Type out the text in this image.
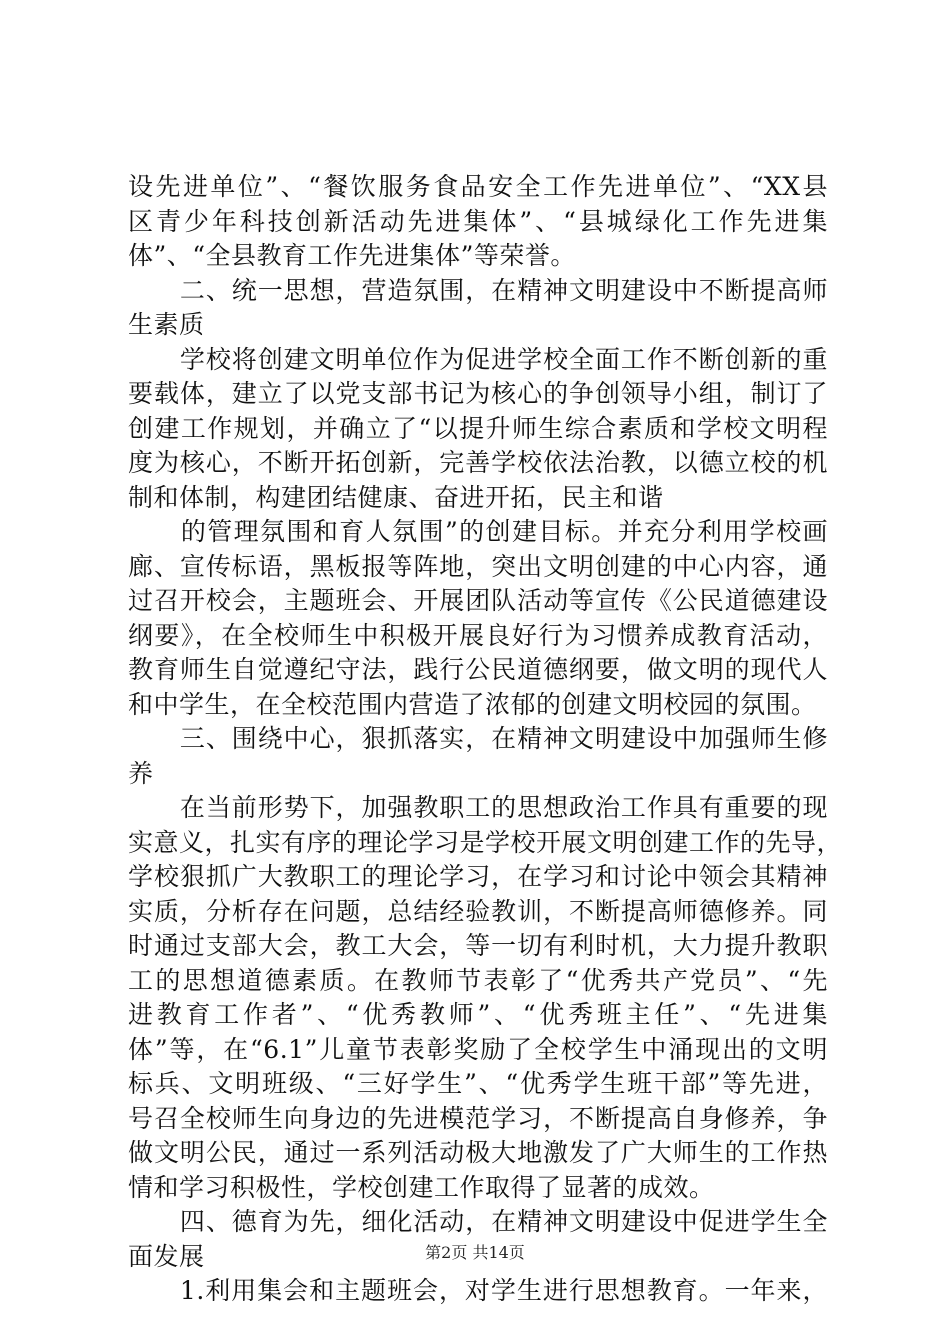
设先进单位”、“餐饮服务食品安全工作先进单位”、“XX县
区青少年科技创新活动先进集体”、“县城绿化工作先进集
体”、“全县教育工作先进集体”等荣誉。
　　二、统一思想，营造氛围，在精神文明建设中不断提高师
生素质
　　学校将创建文明单位作为促进学校全面工作不断创新的重
要载体，建立了以党支部书记为核心的争创领导小组，制订了
创建工作规划，并确立了“以提升师生综合素质和学校文明程
度为核心，不断开拓创新，完善学校依法治教，以德立校的机
制和体制，构建团结健康、奋进开拓，民主和谐
　　的管理氛围和育人氛围”的创建目标。并充分利用学校画
廊、宣传标语，黑板报等阵地，突出文明创建的中心内容，通
过召开校会，主题班会、开展团队活动等宣传《公民道德建设
纲要》，在全校师生中积极开展良好行为习惯养成教育活动，
教育师生自觉遵纪守法，践行公民道德纲要，做文明的现代人
和中学生，在全校范围内营造了浓郁的创建文明校园的氛围。
　　三、围绕中心，狠抓落实，在精神文明建设中加强师生修
养
　　在当前形势下，加强教职工的思想政治工作具有重要的现
实意义，扎实有序的理论学习是学校开展文明创建工作的先导，
学校狠抓广大教职工的理论学习，在学习和讨论中领会其精神
实质，分析存在问题，总结经验教训，不断提高师德修养。同
时通过支部大会，教工大会，等一切有利时机，大力提升教职
工的思想道德素质。在教师节表彰了“优秀共产党员”、“先
进教育工作者”、“优秀教师”、“优秀班主任”、“先进集
体”等，在“6.1”儿童节表彰奖励了全校学生中涌现出的文明
标兵、文明班级、“三好学生”、“优秀学生班干部”等先进，
号召全校师生向身边的先进模范学习，不断提高自身修养，争
做文明公民，通过一系列活动极大地激发了广大师生的工作热
情和学习积极性，学校创建工作取得了显著的成效。
　　四、德育为先，细化活动，在精神文明建设中促进学生全
面发展
　　1.利用集会和主题班会，对学生进行思想教育。一年来，
第2页 共14页
